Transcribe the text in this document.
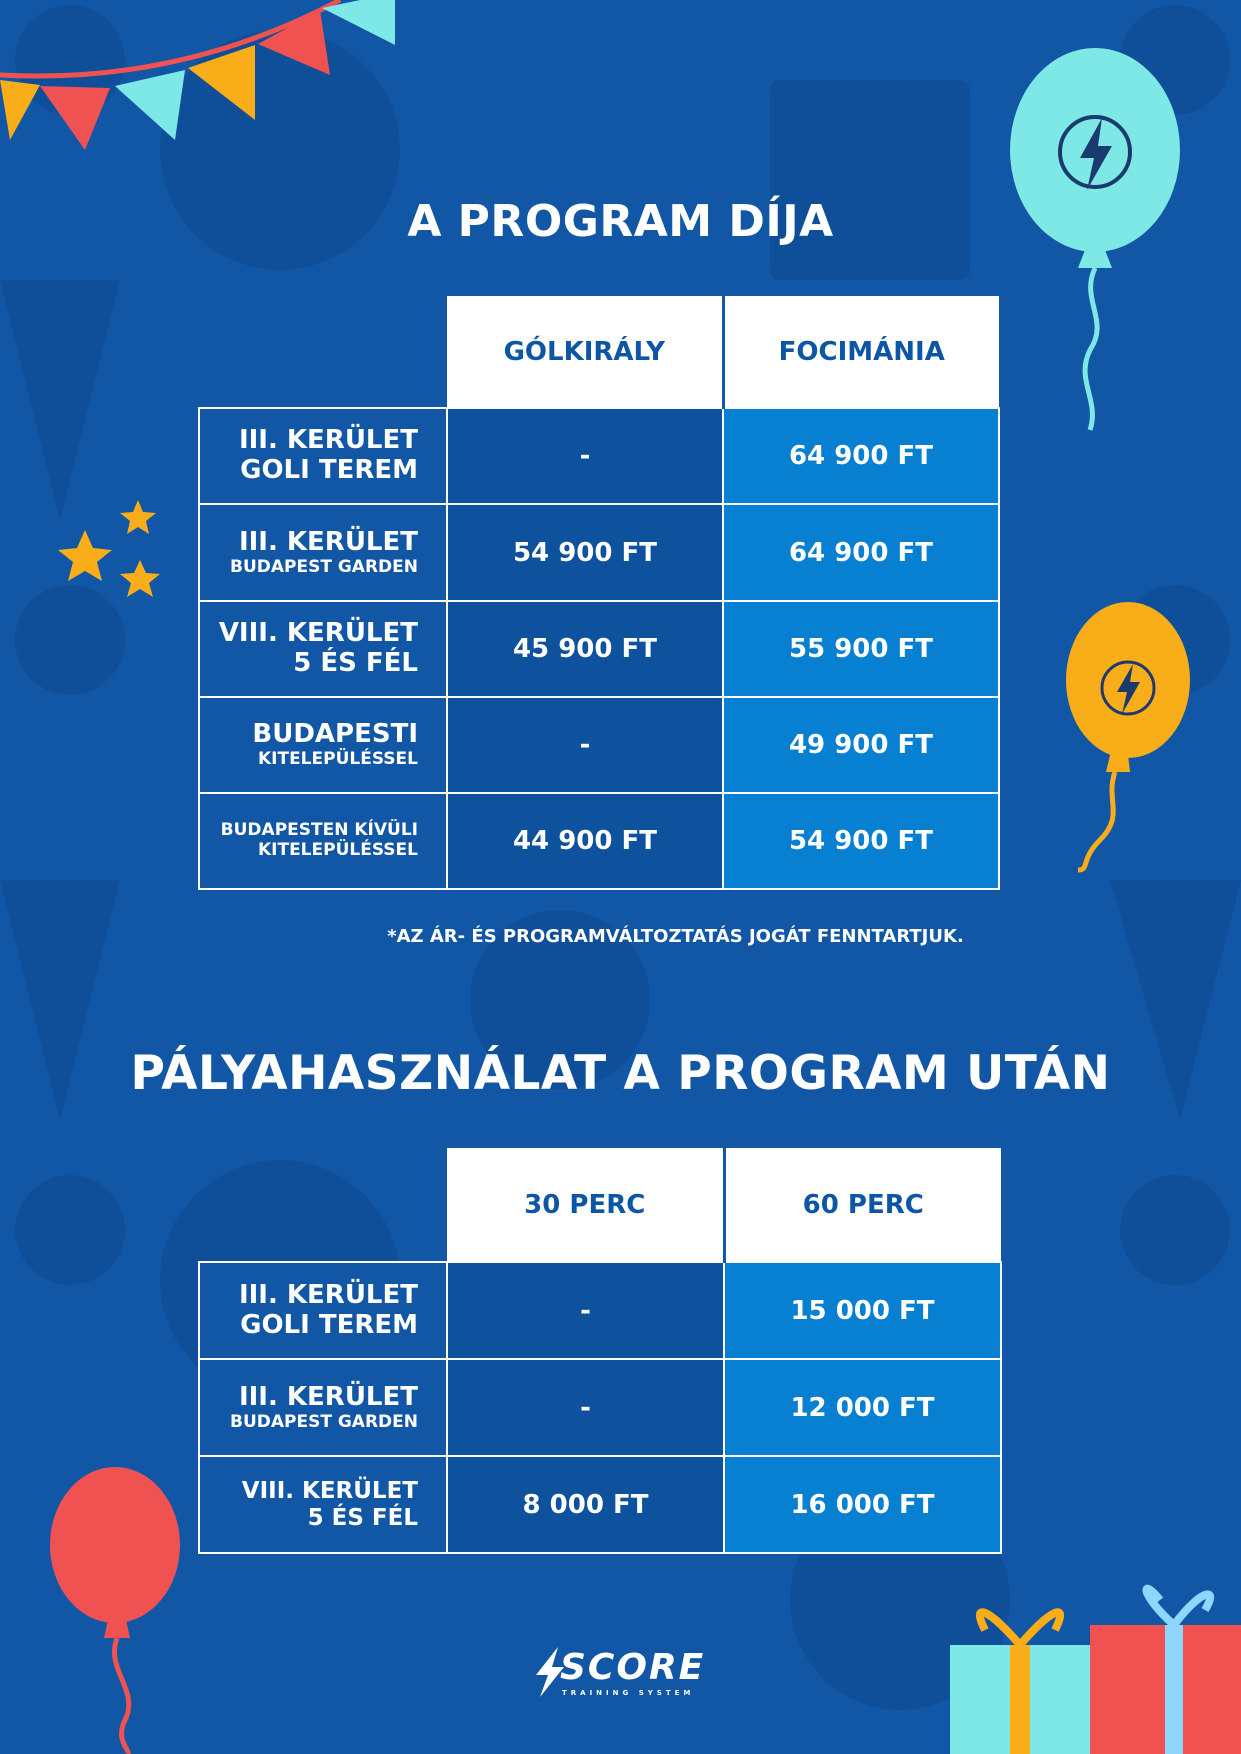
A PROGRAM DÍJA
	GÓLKIRÁLY	FOCIMÁNIA

III. KERÜLET
GOLI TEREM	-	64 900 FT

III. KERÜLET
BUDAPEST GARDEN	54 900 FT	64 900 FT

VIII. KERÜLET
5 ÉS FÉL	45 900 FT	55 900 FT

BUDAPESTI
KITELEPÜLÉSSEL	-	49 900 FT

BUDAPESTEN KÍVÜLI
KITELEPÜLÉSSEL	44 900 FT	54 900 FT
*AZ ÁR- ÉS PROGRAMVÁLTOZTATÁS JOGÁT FENNTARTJUK.
PÁLYAHASZNÁLAT A PROGRAM UTÁN
	30 PERC	60 PERC

III. KERÜLET
GOLI TEREM	-	15 000 FT

III. KERÜLET
BUDAPEST GARDEN	-	12 000 FT

VIII. KERÜLET
5 ÉS FÉL	8 000 FT	16 000 FT
SCORE
TRAINING SYSTEM
